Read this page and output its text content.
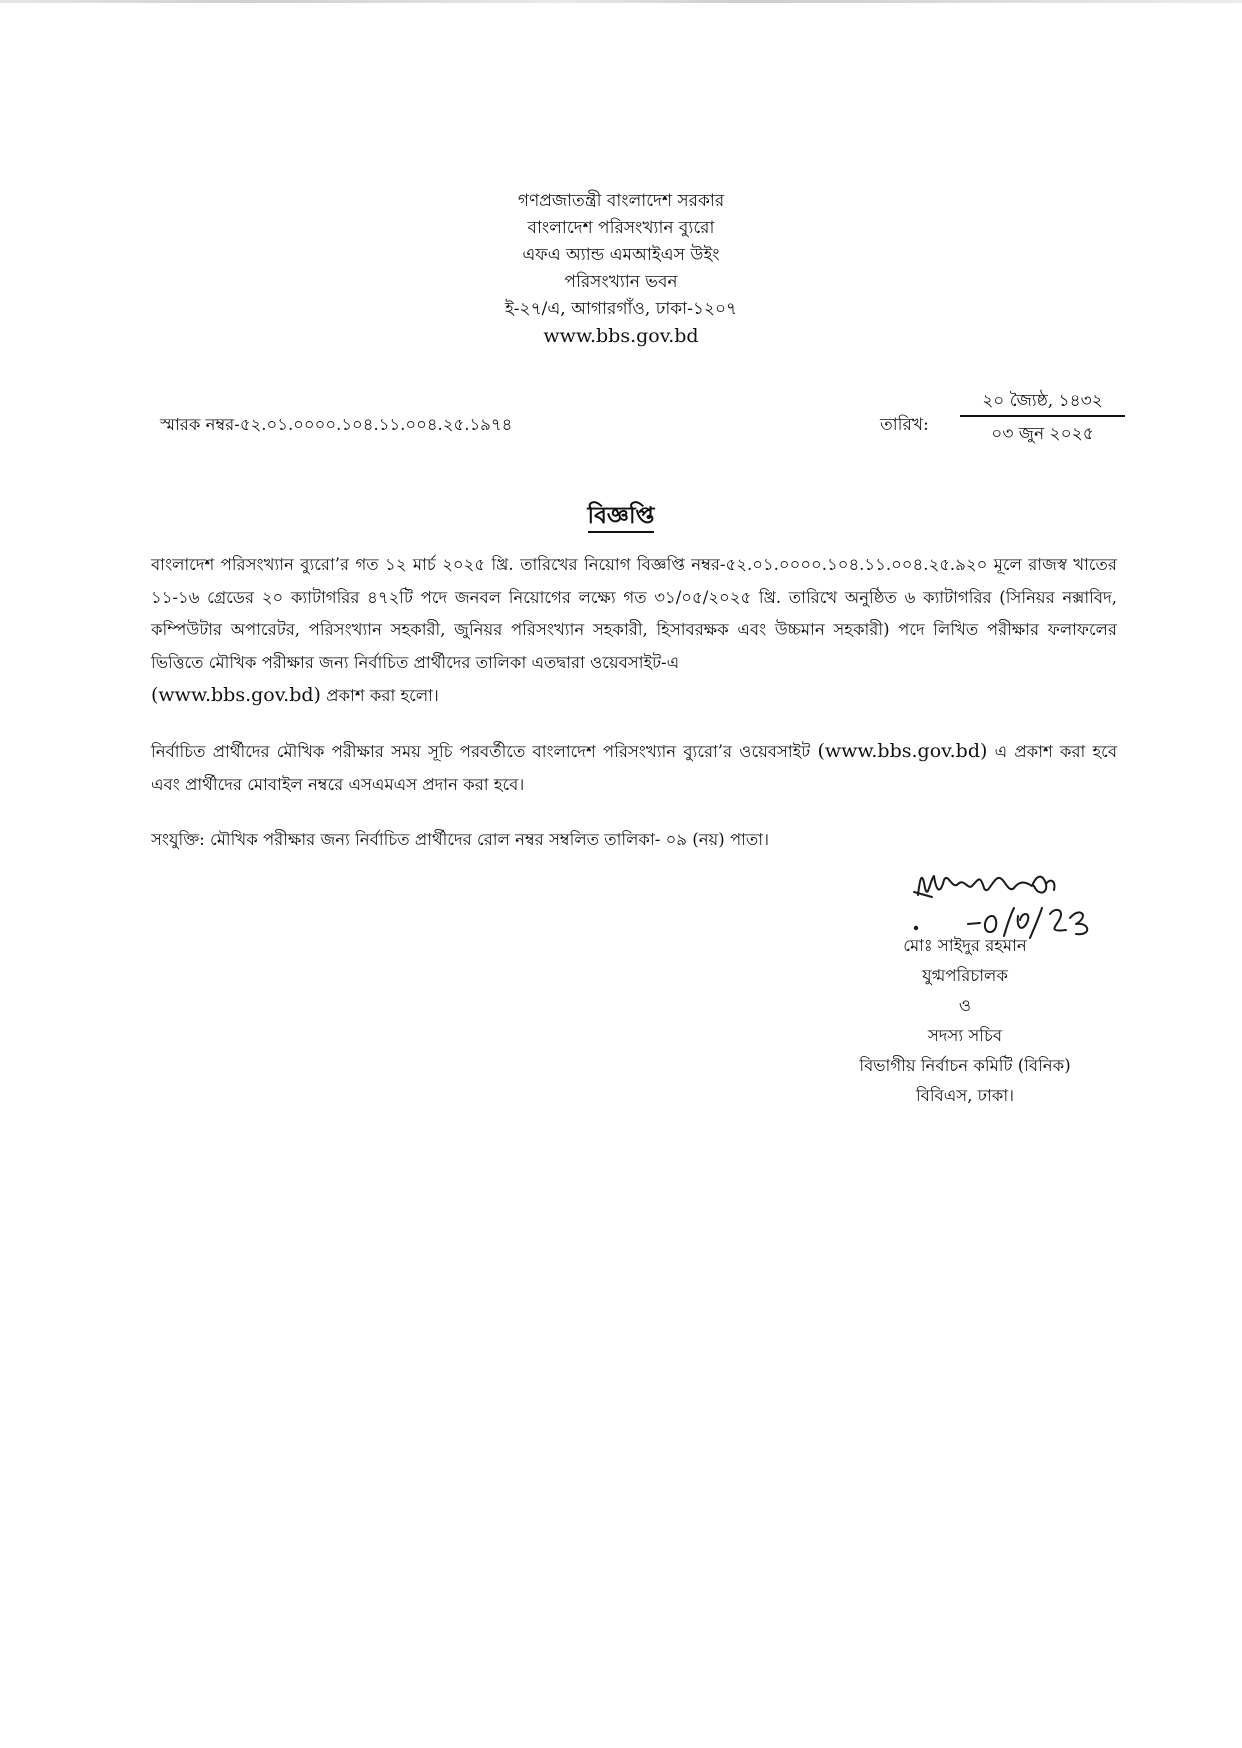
গণপ্রজাতন্ত্রী বাংলাদেশ সরকার
বাংলাদেশ পরিসংখ্যান ব্যুরো
এফএ অ্যান্ড এমআইএস উইং
পরিসংখ্যান ভবন
ই-২৭/এ, আগারগাঁও, ঢাকা-১২০৭
www.bbs.gov.bd
স্মারক নম্বর-৫২.০১.০০০০.১০৪.১১.০০৪.২৫.১৯৭৪	তারিখ:
২০ জ্যৈষ্ঠ, ১৪৩২
০৩ জুন ২০২৫
বিজ্ঞপ্তি
বাংলাদেশ পরিসংখ্যান ব্যুরো’র গত ১২ মার্চ ২০২৫ খ্রি. তারিখের নিয়োগ বিজ্ঞপ্তি নম্বর-৫২.০১.০০০০.১০৪.১১.০০৪.২৫.৯২০ মূলে রাজস্ব খাতের ১১-১৬ গ্রেডের ২০ ক্যাটাগরির ৪৭২টি পদে জনবল নিয়োগের লক্ষ্যে গত ৩১/০৫/২০২৫ খ্রি. তারিখে অনুষ্ঠিত ৬ ক্যাটাগরির (সিনিয়র নক্সাবিদ, কম্পিউটার অপারেটর, পরিসংখ্যান সহকারী, জুনিয়র পরিসংখ্যান সহকারী, হিসাবরক্ষক এবং উচ্চমান সহকারী) পদে লিখিত পরীক্ষার ফলাফলের ভিত্তিতে মৌখিক পরীক্ষার জন্য নির্বাচিত প্রার্থীদের তালিকা এতদ্বারা ওয়েবসাইট-এ
(www.bbs.gov.bd) প্রকাশ করা হলো।
নির্বাচিত প্রার্থীদের মৌখিক পরীক্ষার সময় সূচি পরবর্তীতে বাংলাদেশ পরিসংখ্যান ব্যুরো’র ওয়েবসাইট (www.bbs.gov.bd) এ প্রকাশ করা হবে এবং প্রার্থীদের মোবাইল নম্বরে এসএমএস প্রদান করা হবে।
সংযুক্তি: মৌখিক পরীক্ষার জন্য নির্বাচিত প্রার্থীদের রোল নম্বর সম্বলিত তালিকা- ০৯ (নয়) পাতা।
মোঃ সাইদুর রহমান
যুগ্মপরিচালক
ও
সদস্য সচিব
বিভাগীয় নির্বাচন কমিটি (বিনিক)
বিবিএস, ঢাকা।
